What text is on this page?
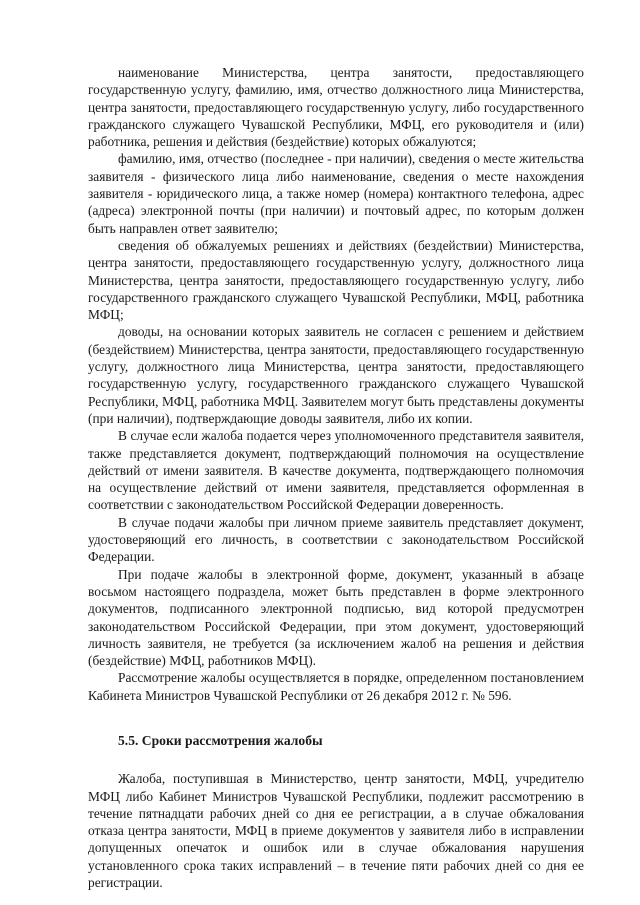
наименование Министерства, центра занятости, предоставляющего государственную услугу, фамилию, имя, отчество должностного лица Министерства, центра занятости, предоставляющего государственную услугу, либо государственного гражданского служащего Чувашской Республики, МФЦ, его руководителя и (или) работника, решения и действия (бездействие) которых обжалуются;

фамилию, имя, отчество (последнее - при наличии), сведения о месте жительства заявителя - физического лица либо наименование, сведения о месте нахождения заявителя - юридического лица, а также номер (номера) контактного телефона, адрес (адреса) электронной почты (при наличии) и почтовый адрес, по которым должен быть направлен ответ заявителю;

сведения об обжалуемых решениях и действиях (бездействии) Министерства, центра занятости, предоставляющего государственную услугу, должностного лица Министерства, центра занятости, предоставляющего государственную услугу, либо государственного гражданского служащего Чувашской Республики, МФЦ, работника МФЦ;

доводы, на основании которых заявитель не согласен с решением и действием (бездействием) Министерства, центра занятости, предоставляющего государственную услугу, должностного лица Министерства, центра занятости, предоставляющего государственную услугу, государственного гражданского служащего Чувашской Республики, МФЦ, работника МФЦ. Заявителем могут быть представлены документы (при наличии), подтверждающие доводы заявителя, либо их копии.

В случае если жалоба подается через уполномоченного представителя заявителя, также представляется документ, подтверждающий полномочия на осуществление действий от имени заявителя. В качестве документа, подтверждающего полномочия на осуществление действий от имени заявителя, представляется оформленная в соответствии с законодательством Российской Федерации доверенность.

В случае подачи жалобы при личном приеме заявитель представляет документ, удостоверяющий его личность, в соответствии с законодательством Российской Федерации.

При подаче жалобы в электронной форме, документ, указанный в абзаце восьмом настоящего подраздела, может быть представлен в форме электронного документов, подписанного электронной подписью, вид которой предусмотрен законодательством Российской Федерации, при этом документ, удостоверяющий личность заявителя, не требуется (за исключением жалоб на решения и действия (бездействие) МФЦ, работников МФЦ).

Рассмотрение жалобы осуществляется в порядке, определенном постановлением Кабинета Министров Чувашской Республики от 26 декабря 2012 г. № 596.

5.5. Сроки рассмотрения жалобы

Жалоба, поступившая в Министерство, центр занятости, МФЦ, учредителю МФЦ либо Кабинет Министров Чувашской Республики, подлежит рассмотрению в течение пятнадцати рабочих дней со дня ее регистрации, а в случае обжалования отказа центра занятости, МФЦ в приеме документов у заявителя либо в исправлении допущенных опечаток и ошибок или в случае обжалования нарушения установленного срока таких исправлений – в течение пяти рабочих дней со дня ее регистрации.
